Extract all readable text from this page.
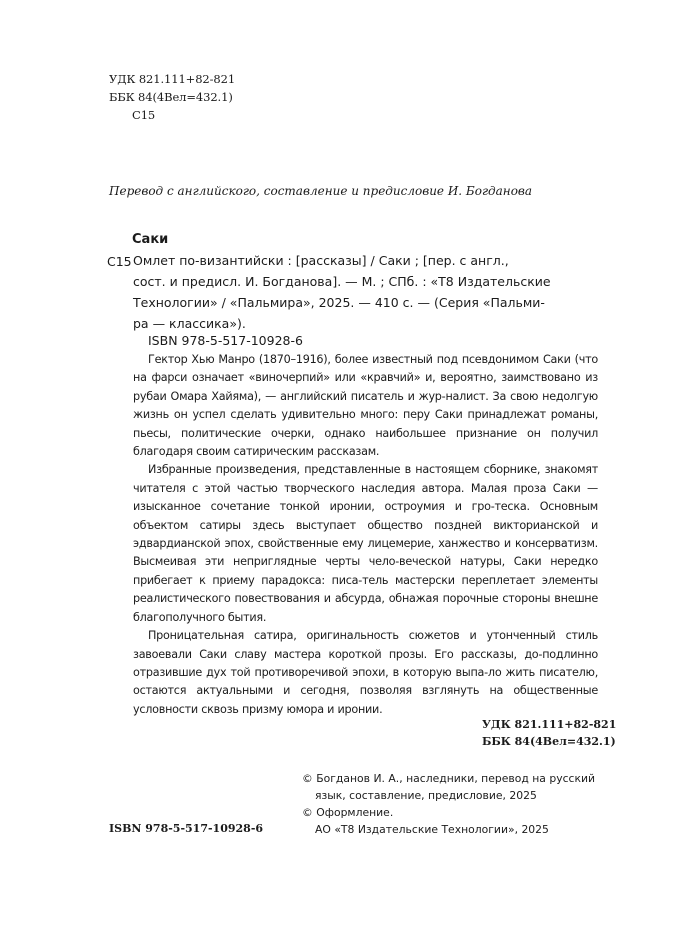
УДК 821.111+82-821
ББК 84(4Вел=432.1)
С15
Перевод с английского, составление и предисловие И. Богданова
Саки
С15 Омлет по-византийски : [рассказы] / Саки ; [пер. с англ.,
сост. и предисл. И. Богданова]. — М. ; СПб. : «Т8 Издательские
Технологии» / «Пальмира», 2025. — 410 с. — (Серия «Пальми-
ра — классика»).
ISBN 978-5-517-10928-6

Гектор Хью Манро (1870–1916), более известный под псевдонимом Саки (что на фарси означает «виночерпий» или «кравчий» и, вероятно, заимствовано из рубаи Омара Хайяма), — английский писатель и жур-налист. За свою недолгую жизнь он успел сделать удивительно много: перу Саки принадлежат романы, пьесы, политические очерки, однако наибольшее признание он получил благодаря своим сатирическим рассказам.

Избранные произведения, представленные в настоящем сборнике, знакомят читателя с этой частью творческого наследия автора. Малая проза Саки — изысканное сочетание тонкой иронии, остроумия и гро-теска. Основным объектом сатиры здесь выступает общество поздней викторианской и эдвардианской эпох, свойственные ему лицемерие, ханжество и консерватизм. Высмеивая эти неприглядные черты чело-веческой натуры, Саки нередко прибегает к приему парадокса: писа-тель мастерски переплетает элементы реалистического повествования и абсурда, обнажая порочные стороны внешне благополучного бытия.

Проницательная сатира, оригинальность сюжетов и утонченный стиль завоевали Саки славу мастера короткой прозы. Его рассказы, до-подлинно отразившие дух той противоречивой эпохи, в которую выпа-ло жить писателю, остаются актуальными и сегодня, позволяя взглянуть на общественные условности сквозь призму юмора и иронии.

УДК 821.111+82-821
ББК 84(4Вел=432.1)
© Богданов И. А., наследники, перевод на русский
язык, составление, предисловие, 2025
© Оформление.
АО «Т8 Издательские Технологии», 2025
ISBN 978-5-517-10928-6
